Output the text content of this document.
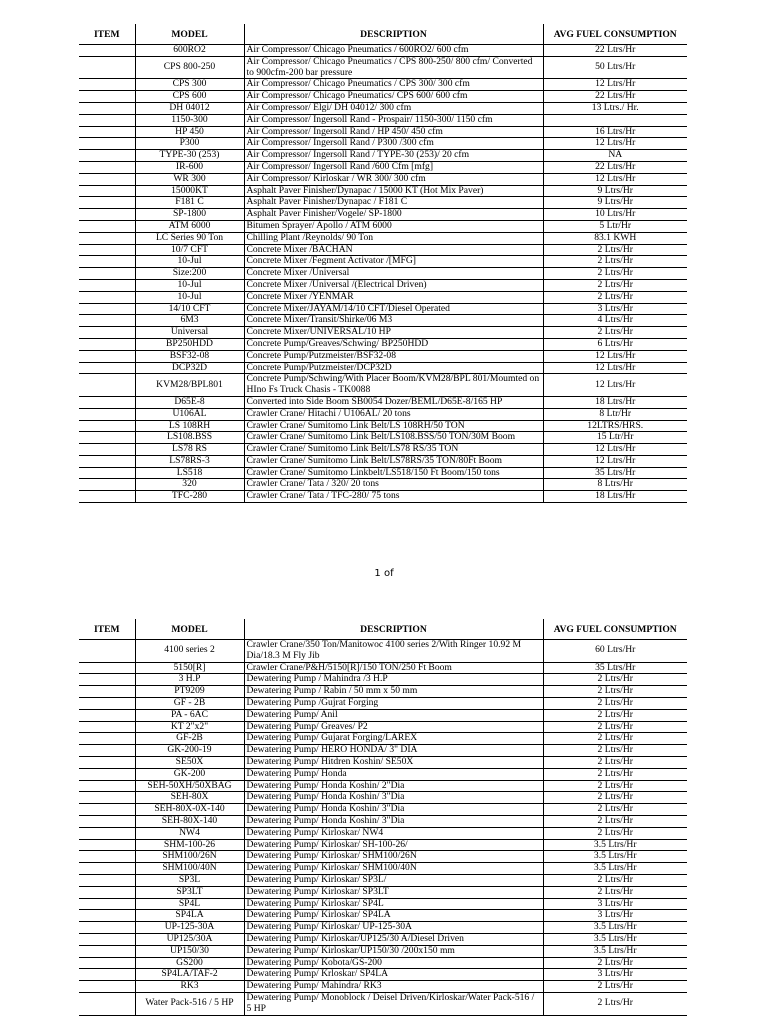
ITEM	MODEL	DESCRIPTION	AVG FUEL CONSUMPTION
	600RO2	Air Compressor/ Chicago Pneumatics / 600RO2/ 600 cfm	22 Ltrs/Hr
	CPS 800-250	Air Compressor/ Chicago Pneumatics / CPS 800-250/ 800 cfm/ Converted to 900cfm-200 bar pressure	50 Ltrs/Hr
	CPS 300	Air Compressor/ Chicago Pneumatics / CPS 300/ 300 cfm	12 Ltrs/Hr
	CPS 600	Air Compressor/ Chicago Pneumatics/ CPS 600/ 600 cfm	22 Ltrs/Hr
	DH 04012	Air Compressor/ Elgi/ DH 04012/ 300 cfm	13 Ltrs./ Hr.
	1150-300	Air Compressor/ Ingersoll Rand - Prospair/ 1150-300/ 1150 cfm	
	HP 450	Air Compressor/ Ingersoll Rand / HP 450/ 450 cfm	16 Ltrs/Hr
	P300	Air Compressor/ Ingersoll Rand / P300 /300 cfm	12 Ltrs/Hr
	TYPE-30 (253)	Air Compressor/ Ingersoll Rand / TYPE-30 (253)/ 20 cfm	NA
	IR-600	Air Compressor/ Ingersoll Rand /600 Cfm [mfg]	22 Ltrs/Hr
	WR 300	Air Compressor/ Kirloskar / WR 300/ 300 cfm	12 Ltrs/Hr
	15000KT	Asphalt Paver Finisher/Dynapac / 15000 KT (Hot Mix Paver)	9 Ltrs/Hr
	F181 C	Asphalt Paver Finisher/Dynapac / F181 C	9 Ltrs/Hr
	SP-1800	Asphalt Paver Finisher/Vogele/ SP-1800	10 Ltrs/Hr
	ATM 6000	Bitumen Sprayer/ Apollo / ATM 6000	5 Ltr/Hr
	LC Series 90 Ton	Chilling Plant /Reynolds/ 90 Ton	83.1 KWH
	10/7 CFT	Concrete Mixer /BACHAN	2 Ltrs/Hr
	10-Jul	Concrete Mixer /Fegment Activator /[MFG]	2 Ltrs/Hr
	Size:200	Concrete Mixer /Universal	2 Ltrs/Hr
	10-Jul	Concrete Mixer /Universal /(Electrical Driven)	2 Ltrs/Hr
	10-Jul	Concrete Mixer /YENMAR	2 Ltrs/Hr
	14/10 CFT	Concrete Mixer/JAYAM/14/10 CFT/Diesel Operated	3 Ltrs/Hr
	6M3	Concrete Mixer/Transit/Shirke/06 M3	4 Ltrs/Hr
	Universal	Concrete Mixer/UNIVERSAL/10 HP	2 Ltrs/Hr
	BP250HDD	Concrete Pump/Greaves/Schwing/ BP250HDD	6 Ltrs/Hr
	BSF32-08	Concrete Pump/Putzmeister/BSF32-08	12 Ltrs/Hr
	DCP32D	Concrete Pump/Putzmeister/DCP32D	12 Ltrs/Hr
	KVM28/BPL801	Concrete Pump/Schwing/With Placer Boom/KVM28/BPL 801/Moumted on HIno Fs Truck Chasis - TK0088	12 Ltrs/Hr
	D65E-8	Converted into Side Boom SB0054 Dozer/BEML/D65E-8/165 HP	18 Ltrs/Hr
	U106AL	Crawler Crane/ Hitachi / U106AL/ 20 tons	8 Ltr/Hr
	LS 108RH	Crawler Crane/ Sumitomo Link Belt/LS 108RH/50 TON	12LTRS/HRS.
	LS108.BSS	Crawler Crane/ Sumitomo Link Belt/LS108.BSS/50 TON/30M Boom	15 Ltr/Hr
	LS78 RS	Crawler Crane/ Sumitomo Link Belt/LS78 RS/35 TON	12 Ltrs/Hr
	LS78RS-3	Crawler Crane/ Sumitomo Link Belt/LS78RS/35 TON/80Ft Boom	12 Ltrs/Hr
	LS518	Crawler Crane/ Sumitomo Linkbelt/LS518/150 Ft Boom/150 tons	35 Ltrs/Hr
	320	Crawler Crane/ Tata / 320/ 20 tons	8 Ltrs/Hr
	TFC-280	Crawler Crane/ Tata / TFC-280/ 75 tons	18 Ltrs/Hr
1 of
ITEM	MODEL	DESCRIPTION	AVG FUEL CONSUMPTION
	4100 series 2	Crawler Crane/350 Ton/Manitowoc 4100 series 2/With Ringer 10.92 M Dia/18.3 M Fly Jib	60 Ltrs/Hr
	5150[R]	Crawler Crane/P&H/5150[R]/150 TON/250 Ft Boom	35 Ltrs/Hr
	3 H.P	Dewatering Pump / Mahindra /3 H.P	2 Ltrs/Hr
	PT9209	Dewatering Pump / Rabin / 50 mm x 50 mm	2 Ltrs/Hr
	GF - 2B	Dewatering Pump /Gujrat Forging	2 Ltrs/Hr
	PA - 6AC	Dewatering Pump/ Anil	2 Ltrs/Hr
	KT 2"x2"	Dewatering Pump/ Greaves/ P2	2 Ltrs/Hr
	GF-2B	Dewatering Pump/ Gujarat Forging/LAREX	2 Ltrs/Hr
	GK-200-19	Dewatering Pump/ HERO HONDA/ 3" DIA	2 Ltrs/Hr
	SE50X	Dewatering Pump/ Hitdren Koshin/ SE50X	2 Ltrs/Hr
	GK-200	Dewatering Pump/ Honda	2 Ltrs/Hr
	SEH-50XH/50XBAG	Dewatering Pump/ Honda Koshin/ 2"Dia	2 Ltrs/Hr
	SEH-80X	Dewatering Pump/ Honda Koshin/ 3"Dia	2 Ltrs/Hr
	SEH-80X-0X-140	Dewatering Pump/ Honda Koshin/ 3"Dia	2 Ltrs/Hr
	SEH-80X-140	Dewatering Pump/ Honda Koshin/ 3"Dia	2 Ltrs/Hr
	NW4	Dewatering Pump/ Kirloskar/ NW4	2 Ltrs/Hr
	SHM-100-26	Dewatering Pump/ Kirloskar/ SH-100-26/	3.5 Ltrs/Hr
	SHM100/26N	Dewatering Pump/ Kirloskar/ SHM100/26N	3.5 Ltrs/Hr
	SHM100/40N	Dewatering Pump/ Kirloskar/ SHM100/40N	3.5 Ltrs/Hr
	SP3L	Dewatering Pump/ Kirloskar/ SP3L/	2 Ltrs/Hr
	SP3LT	Dewatering Pump/ Kirloskar/ SP3LT	2 Ltrs/Hr
	SP4L	Dewatering Pump/ Kirloskar/ SP4L	3 Ltrs/Hr
	SP4LA	Dewatering Pump/ Kirloskar/ SP4LA	3 Ltrs/Hr
	UP-125-30A	Dewatering Pump/ Kirloskar/ UP-125-30A	3.5 Ltrs/Hr
	UP125/30A	Dewatering Pump/ Kirloskar/UP125/30 A/Diesel Driven	3.5 Ltrs/Hr
	UP150/30	Dewatering Pump/ Kirloskar/UP150/30 /200x150 mm	3.5 Ltrs/Hr
	GS200	Dewatering Pump/ Kobota/GS-200	2 Ltrs/Hr
	SP4LA/TAF-2	Dewatering Pump/ Krloskar/ SP4LA	3 Ltrs/Hr
	RK3	Dewatering Pump/ Mahindra/ RK3	2 Ltrs/Hr
	Water Pack-516 / 5 HP	Dewatering Pump/ Monoblock / Deisel Driven/Kirloskar/Water Pack-516 / 5 HP	2 Ltrs/Hr
